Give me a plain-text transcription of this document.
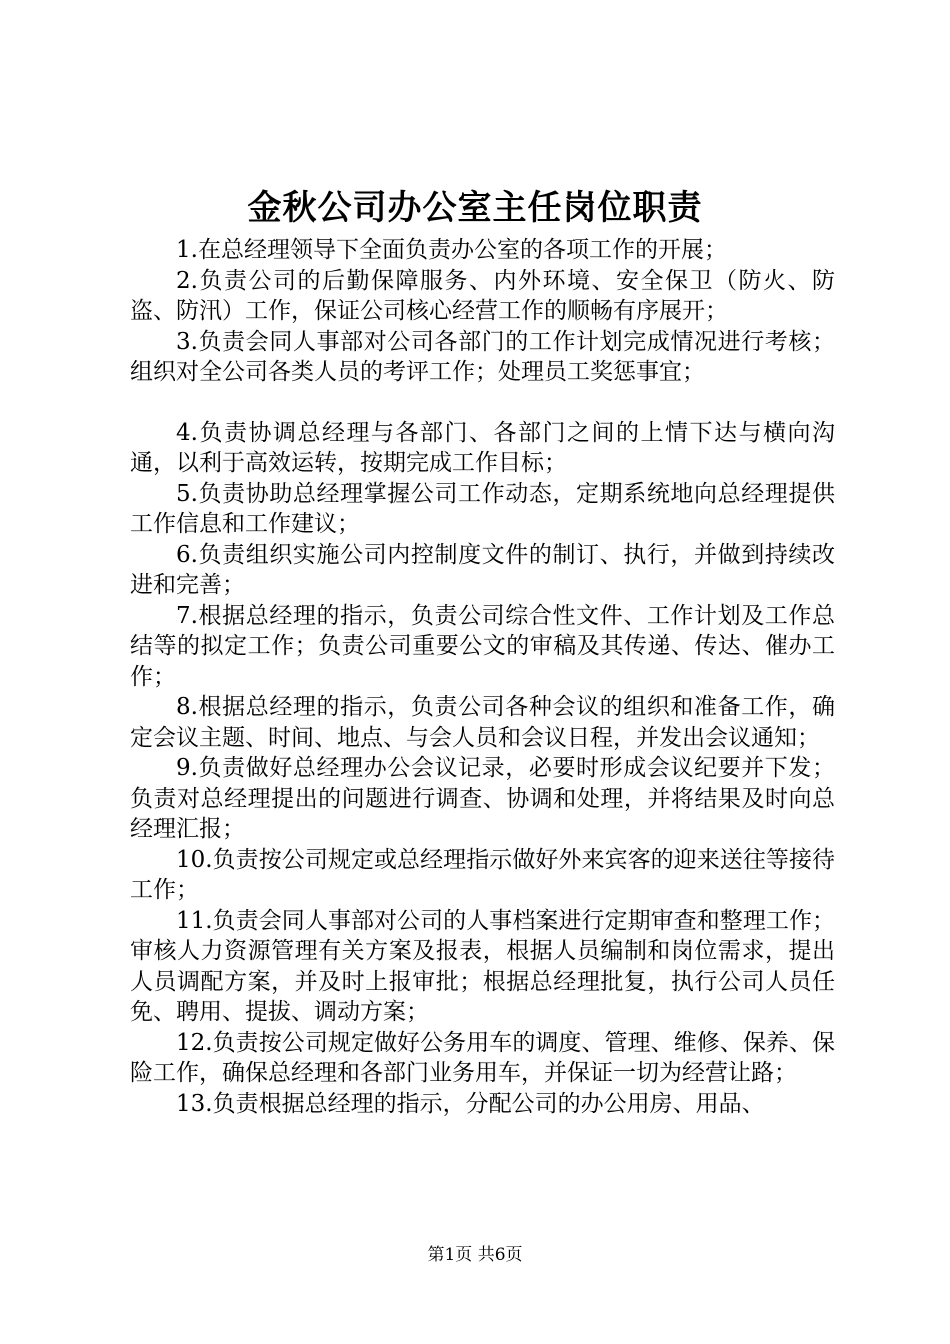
金秋公司办公室主任岗位职责

1.在总经理领导下全面负责办公室的各项工作的开展；

2.负责公司的后勤保障服务、内外环境、安全保卫（防火、防盗、防汛）工作，保证公司核心经营工作的顺畅有序展开；

3.负责会同人事部对公司各部门的工作计划完成情况进行考核；组织对全公司各类人员的考评工作；处理员工奖惩事宜；

4.负责协调总经理与各部门、各部门之间的上情下达与横向沟通，以利于高效运转，按期完成工作目标；

5.负责协助总经理掌握公司工作动态，定期系统地向总经理提供工作信息和工作建议；

6.负责组织实施公司内控制度文件的制订、执行，并做到持续改进和完善；

7.根据总经理的指示，负责公司综合性文件、工作计划及工作总结等的拟定工作；负责公司重要公文的审稿及其传递、传达、催办工作；

8.根据总经理的指示，负责公司各种会议的组织和准备工作，确定会议主题、时间、地点、与会人员和会议日程，并发出会议通知；

9.负责做好总经理办公会议记录，必要时形成会议纪要并下发；负责对总经理提出的问题进行调查、协调和处理，并将结果及时向总经理汇报；

10.负责按公司规定或总经理指示做好外来宾客的迎来送往等接待工作；

11.负责会同人事部对公司的人事档案进行定期审查和整理工作；审核人力资源管理有关方案及报表，根据人员编制和岗位需求，提出人员调配方案，并及时上报审批；根据总经理批复，执行公司人员任免、聘用、提拔、调动方案；

12.负责按公司规定做好公务用车的调度、管理、维修、保养、保险工作，确保总经理和各部门业务用车，并保证一切为经营让路；

13.负责根据总经理的指示，分配公司的办公用房、用品、

第1页 共6页
